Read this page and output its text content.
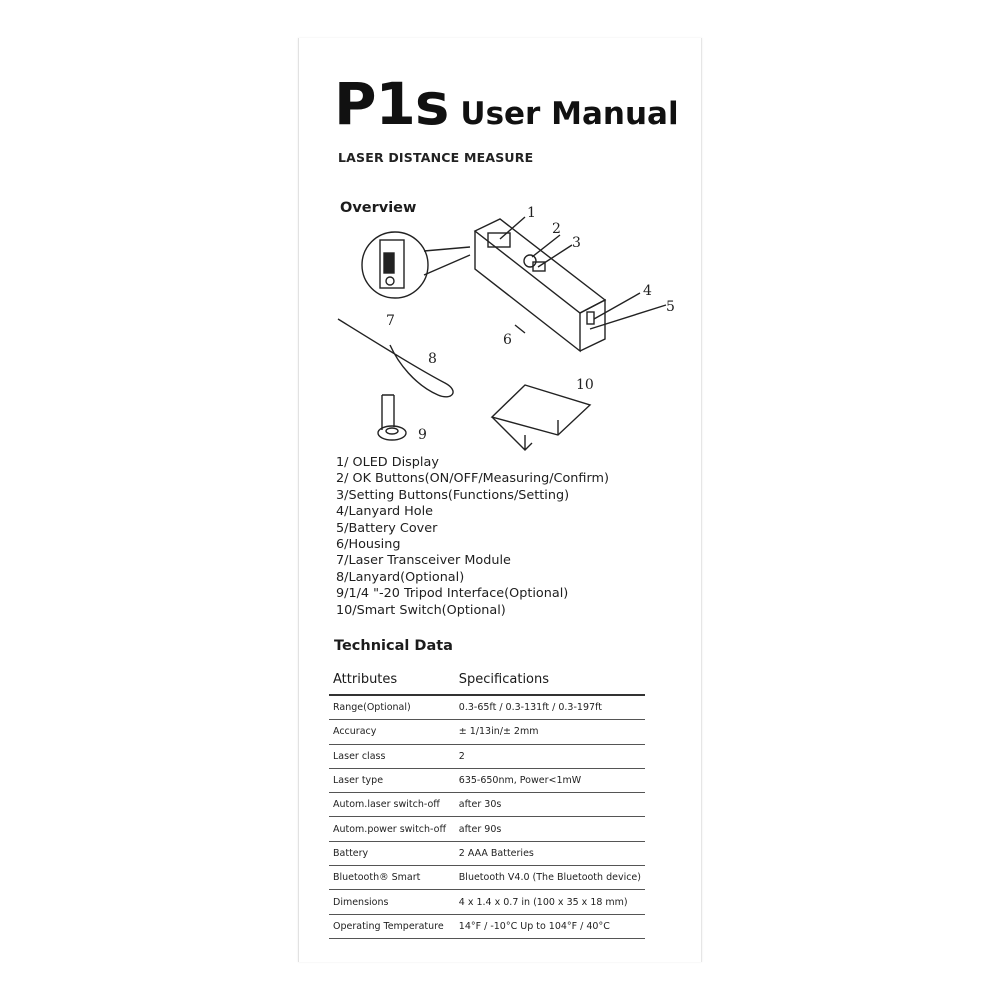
P1s User Manual
LASER DISTANCE MEASURE
Overview	1
2
3
4
5
6
7
8
9
10
1/ OLED Display
2/ OK Buttons(ON/OFF/Measuring/Confirm)
3/Setting Buttons(Functions/Setting)
4/Lanyard Hole
5/Battery Cover
6/Housing
7/Laser Transceiver Module
8/Lanyard(Optional)
9/1/4 "-20 Tripod Interface(Optional)
10/Smart Switch(Optional)
Technical Data
Attributes	Specifications
Range(Optional)	0.3-65ft / 0.3-131ft / 0.3-197ft
Accuracy	± 1/13in/± 2mm
Laser class	2
Laser type	635-650nm, Power<1mW
Autom.laser switch-off	after 30s
Autom.power switch-off	after 90s
Battery	2 AAA Batteries
Bluetooth® Smart	Bluetooth V4.0 (The Bluetooth device)
Dimensions	4 x 1.4 x 0.7 in (100 x 35 x 18 mm)
Operating Temperature	14°F / -10°C Up to 104°F / 40°C
